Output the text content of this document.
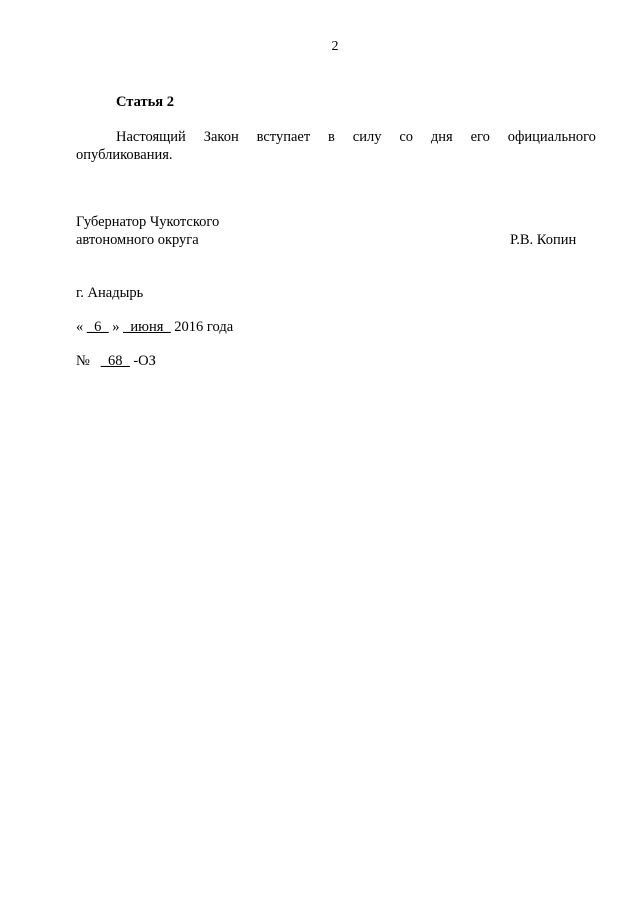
2
Статья 2
Настоящий Закон вступает в силу со дня его официального
опубликования.
Губернатор Чукотского
автономного округа	Р.В. Копин
г. Анадырь
« _6_ » _июня_ 2016 года
№ _68_ -ОЗ
